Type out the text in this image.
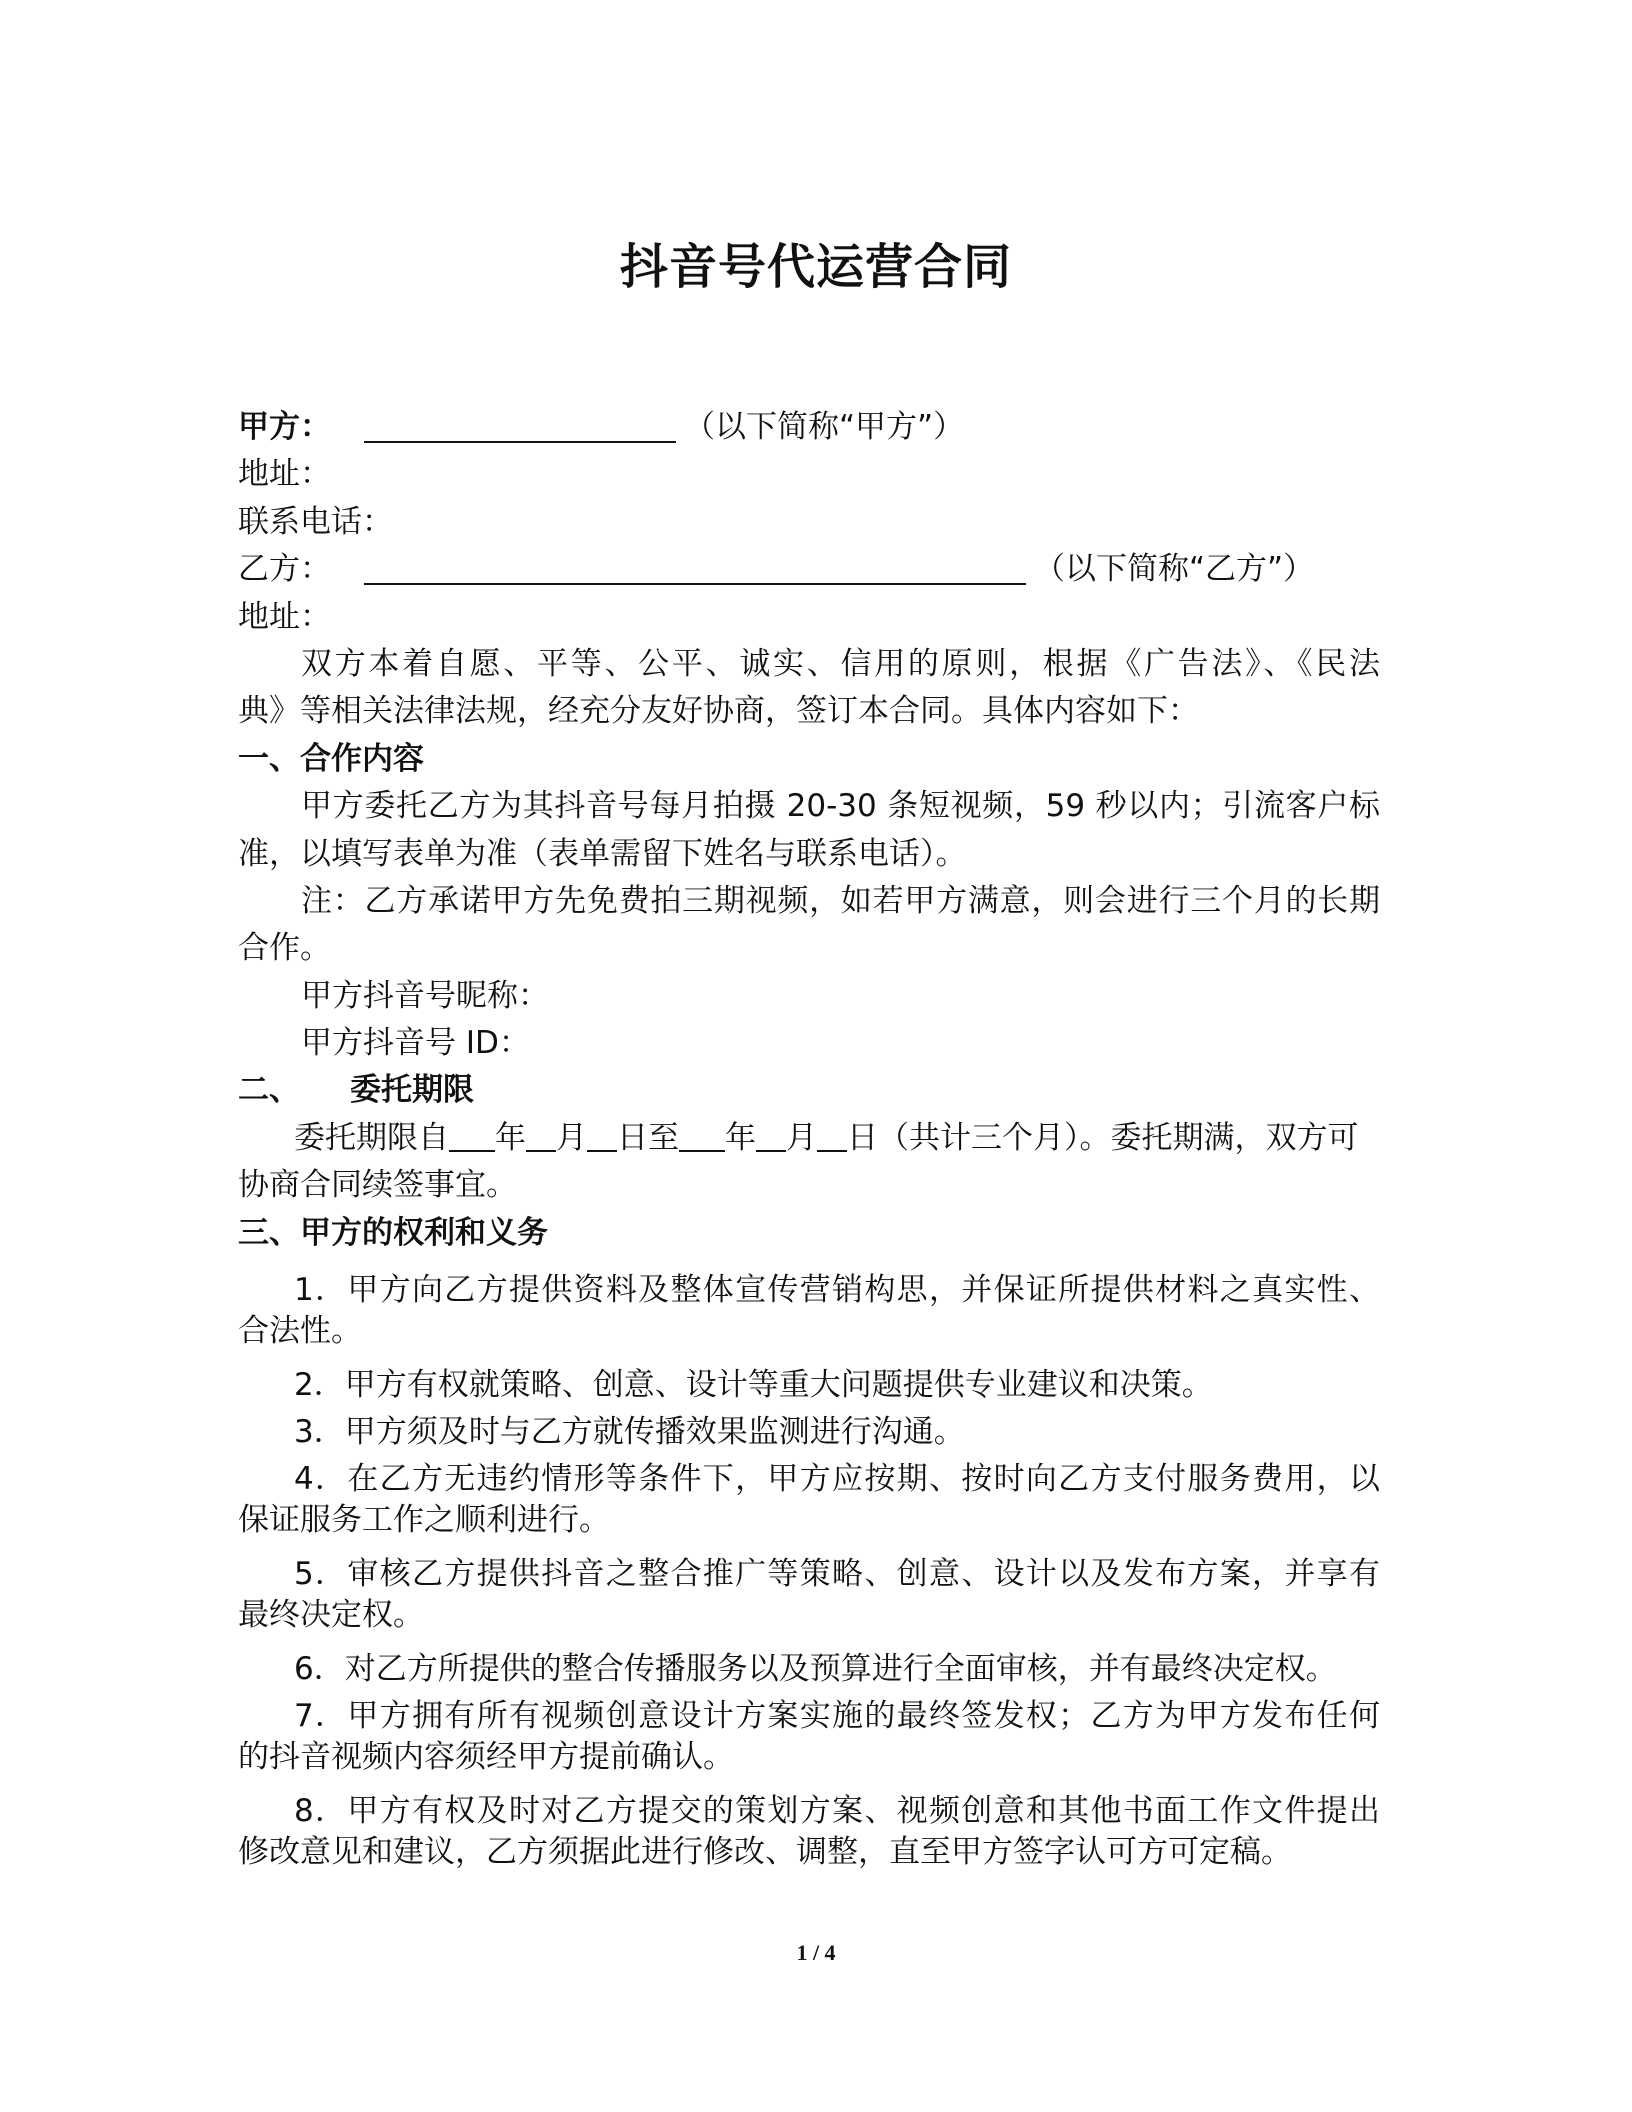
抖音号代运营合同
甲方：	（以下简称“甲方”）
地址：
联系电话：
乙方：	（以下简称“乙方”）
地址：
双方本着自愿、平等、公平、诚实、信用的原则，根据《广告法》、《民法
典》等相关法律法规，经充分友好协商，签订本合同。具体内容如下：
一、合作内容
甲方委托乙方为其抖音号每月拍摄 20-30 条短视频，59 秒以内；引流客户标
准，以填写表单为准（表单需留下姓名与联系电话）。
注：乙方承诺甲方先免费拍三期视频，如若甲方满意，则会进行三个月的长期
合作。
甲方抖音号昵称：
甲方抖音号 ID：
二、 委托期限
委托期限自 年 月 日至 年 月 日（共计三个月）。委托期满，双方可
协商合同续签事宜。
三、甲方的权利和义务
1．甲方向乙方提供资料及整体宣传营销构思，并保证所提供材料之真实性、
合法性。
2．甲方有权就策略、创意、设计等重大问题提供专业建议和决策。
3．甲方须及时与乙方就传播效果监测进行沟通。
4．在乙方无违约情形等条件下，甲方应按期、按时向乙方支付服务费用，以
保证服务工作之顺利进行。
5．审核乙方提供抖音之整合推广等策略、创意、设计以及发布方案，并享有
最终决定权。
6．对乙方所提供的整合传播服务以及预算进行全面审核，并有最终决定权。
7．甲方拥有所有视频创意设计方案实施的最终签发权；乙方为甲方发布任何
的抖音视频内容须经甲方提前确认。
8．甲方有权及时对乙方提交的策划方案、视频创意和其他书面工作文件提出
修改意见和建议，乙方须据此进行修改、调整，直至甲方签字认可方可定稿。
1 / 4
